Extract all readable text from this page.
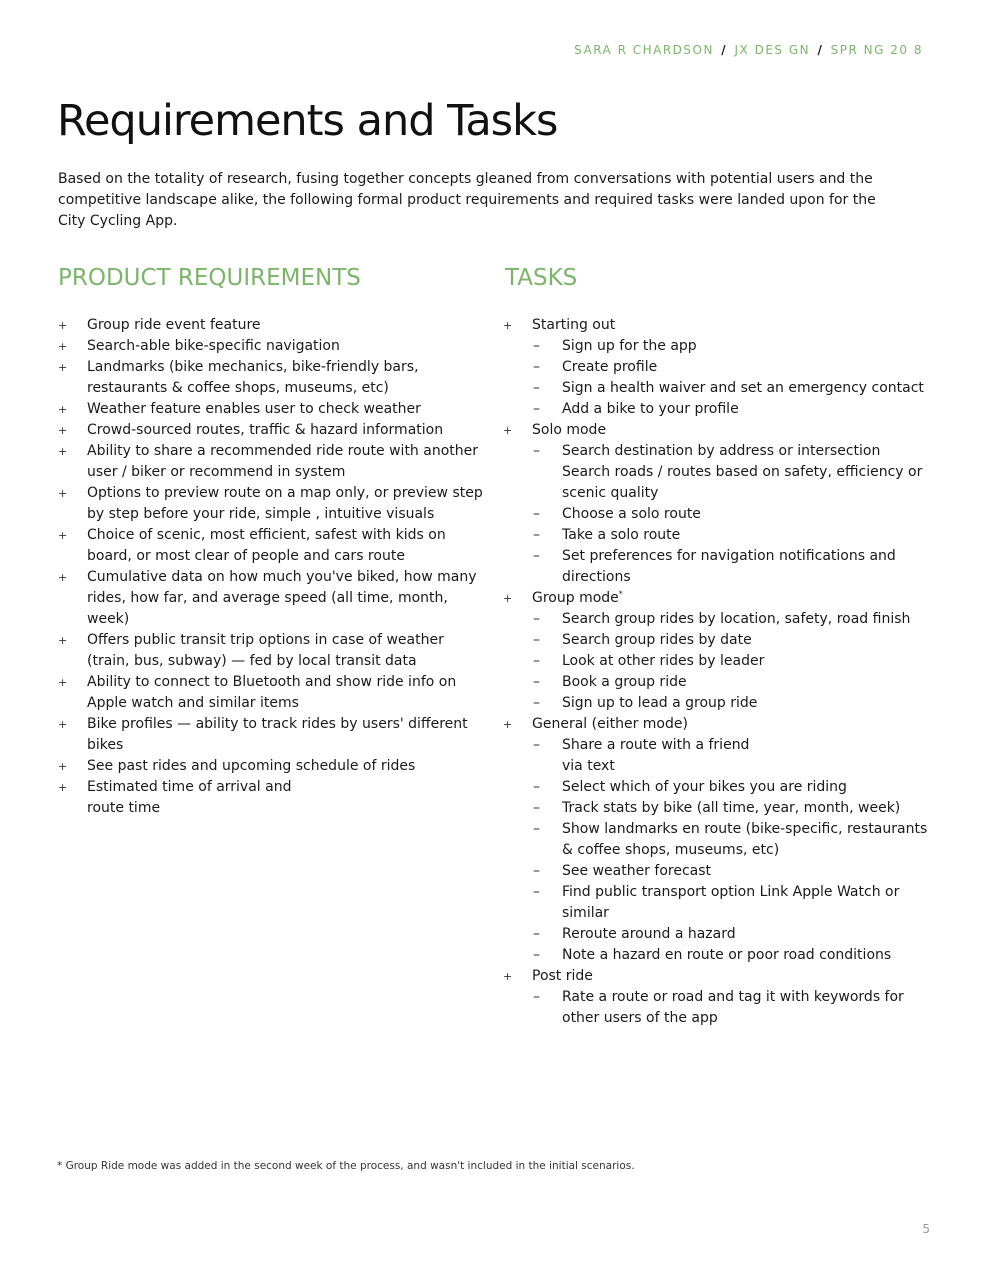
SARA R CHARDSON / JX DES GN / SPR NG 20 8
Requirements and Tasks

Based on the totality of research, fusing together concepts gleaned from conversations with potential users and the competitive landscape alike, the following formal product requirements and required tasks were landed upon for the City Cycling App.

PRODUCT REQUIREMENTS	TASKS
+ Group ride event feature
+ Search-able bike-specific navigation
+ Landmarks (bike mechanics, bike-friendly bars, restaurants & coffee shops, museums, etc)
+ Weather feature enables user to check weather
+ Crowd-sourced routes, traffic & hazard information
+ Ability to share a recommended ride route with another user / biker or recommend in system
+ Options to preview route on a map only, or preview step by step before your ride, simple , intuitive visuals
+ Choice of scenic, most efficient, safest with kids on board, or most clear of people and cars route
+ Cumulative data on how much you've biked, how many rides, how far, and average speed (all time, month, week)
+ Offers public transit trip options in case of weather (train, bus, subway) — fed by local transit data
+ Ability to connect to Bluetooth and show ride info on Apple watch and similar items
+ Bike profiles — ability to track rides by users' different bikes
+ See past rides and upcoming schedule of rides
+ Estimated time of arrival and route time
+ Starting out
– Sign up for the app
– Create profile
– Sign a health waiver and set an emergency contact
– Add a bike to your profile
+ Solo mode
– Search destination by address or intersection
Search roads / routes based on safety, efficiency or scenic quality
– Choose a solo route
– Take a solo route
– Set preferences for navigation notifications and directions
+ Group mode*
– Search group rides by location, safety, road finish
– Search group rides by date
– Look at other rides by leader
– Book a group ride
– Sign up to lead a group ride
+ General (either mode)
– Share a route with a friend via text
– Select which of your bikes you are riding
– Track stats by bike (all time, year, month, week)
– Show landmarks en route (bike-specific, restaurants & coffee shops, museums, etc)
– See weather forecast
– Find public transport option Link Apple Watch or similar
– Reroute around a hazard
– Note a hazard en route or poor road conditions
+ Post ride
– Rate a route or road and tag it with keywords for other users of the app

* Group Ride mode was added in the second week of the process, and wasn't included in the initial scenarios.

5
